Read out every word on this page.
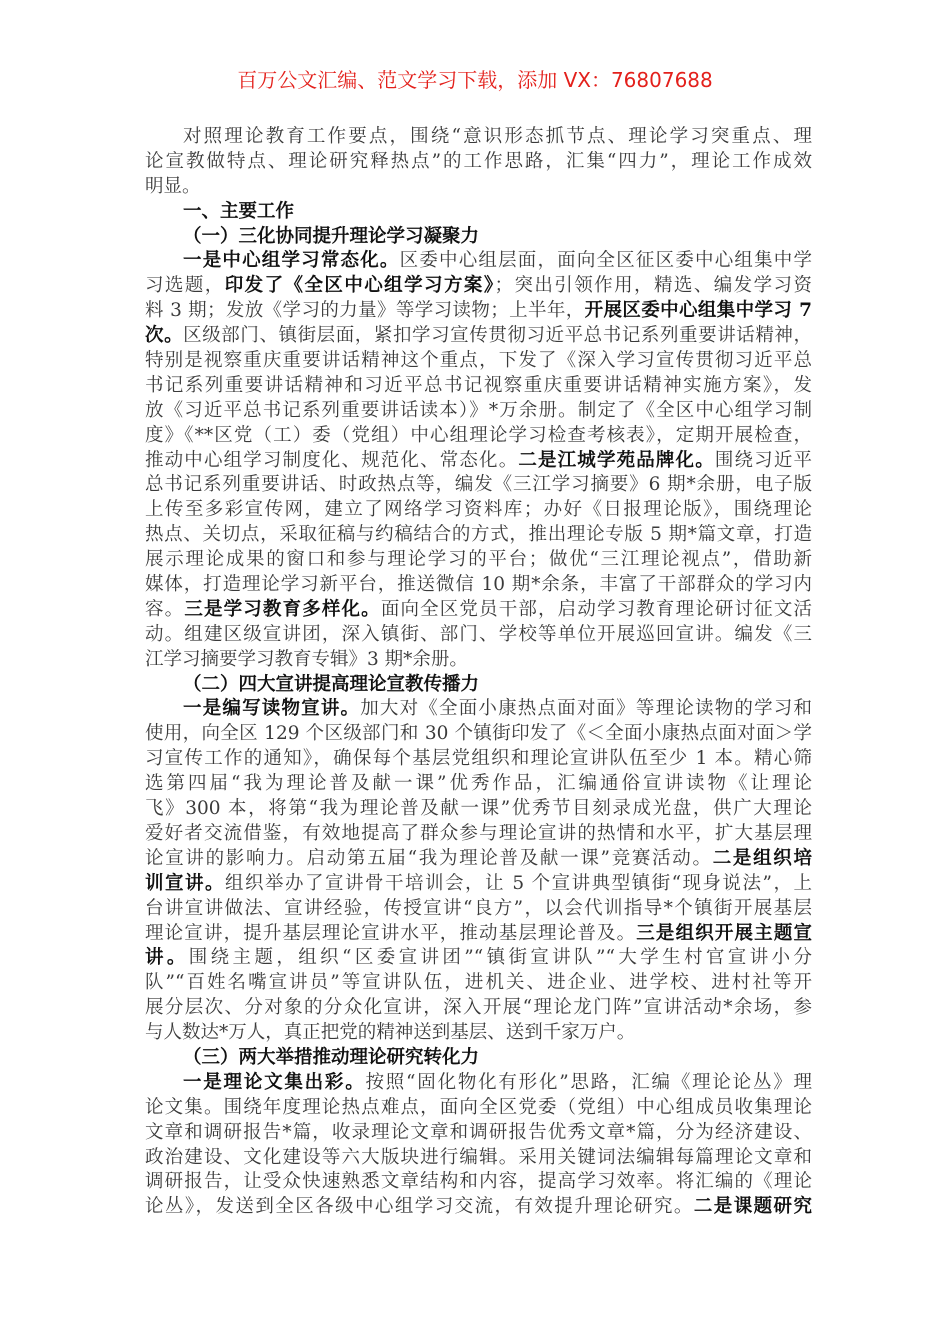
百万公文汇编、范文学习下载，添加 VX：76807688
对照理论教育工作要点，围绕“意识形态抓节点、理论学习突重点、理
论宣教做特点、理论研究释热点”的工作思路，汇集“四力”，理论工作成效
明显。
一、主要工作
（一）三化协同提升理论学习凝聚力
一是中心组学习常态化。区委中心组层面，面向全区征区委中心组集中学
习选题，印发了《全区中心组学习方案》；突出引领作用，精选、编发学习资
料 3 期；发放《学习的力量》等学习读物；上半年，开展区委中心组集中学习 7
次。区级部门、镇街层面，紧扣学习宣传贯彻习近平总书记系列重要讲话精神，
特别是视察重庆重要讲话精神这个重点，下发了《深入学习宣传贯彻习近平总
书记系列重要讲话精神和习近平总书记视察重庆重要讲话精神实施方案》，发
放《习近平总书记系列重要讲话读本）》*万余册。制定了《全区中心组学习制
度》《**区党（工）委（党组）中心组理论学习检查考核表》，定期开展检查，
推动中心组学习制度化、规范化、常态化。二是江城学苑品牌化。围绕习近平
总书记系列重要讲话、时政热点等，编发《三江学习摘要》6 期*余册，电子版
上传至多彩宣传网，建立了网络学习资料库；办好《日报理论版》，围绕理论
热点、关切点，采取征稿与约稿结合的方式，推出理论专版 5 期*篇文章，打造
展示理论成果的窗口和参与理论学习的平台；做优“三江理论视点”，借助新
媒体，打造理论学习新平台，推送微信 10 期*余条，丰富了干部群众的学习内
容。三是学习教育多样化。面向全区党员干部，启动学习教育理论研讨征文活
动。组建区级宣讲团，深入镇街、部门、学校等单位开展巡回宣讲。编发《三
江学习摘要学习教育专辑》3 期*余册。
（二）四大宣讲提高理论宣教传播力
一是编写读物宣讲。加大对《全面小康热点面对面》等理论读物的学习和
使用，向全区 129 个区级部门和 30 个镇街印发了《＜全面小康热点面对面＞学
习宣传工作的通知》，确保每个基层党组织和理论宣讲队伍至少 1 本。精心筛
选第四届“我为理论普及献一课”优秀作品，汇编通俗宣讲读物《让理论
飞》300 本，将第“我为理论普及献一课”优秀节目刻录成光盘，供广大理论
爱好者交流借鉴，有效地提高了群众参与理论宣讲的热情和水平，扩大基层理
论宣讲的影响力。启动第五届“我为理论普及献一课”竞赛活动。二是组织培
训宣讲。组织举办了宣讲骨干培训会，让 5 个宣讲典型镇街“现身说法”，上
台讲宣讲做法、宣讲经验，传授宣讲“良方”，以会代训指导*个镇街开展基层
理论宣讲，提升基层理论宣讲水平，推动基层理论普及。三是组织开展主题宣
讲。围绕主题，组织“区委宣讲团”“镇街宣讲队”“大学生村官宣讲小分
队”“百姓名嘴宣讲员”等宣讲队伍，进机关、进企业、进学校、进村社等开
展分层次、分对象的分众化宣讲，深入开展“理论龙门阵”宣讲活动*余场，参
与人数达*万人，真正把党的精神送到基层、送到千家万户。
（三）两大举措推动理论研究转化力
一是理论文集出彩。按照“固化物化有形化”思路，汇编《理论论丛》理
论文集。围绕年度理论热点难点，面向全区党委（党组）中心组成员收集理论
文章和调研报告*篇，收录理论文章和调研报告优秀文章*篇，分为经济建设、
政治建设、文化建设等六大版块进行编辑。采用关键词法编辑每篇理论文章和
调研报告，让受众快速熟悉文章结构和内容，提高学习效率。将汇编的《理论
论丛》，发送到全区各级中心组学习交流，有效提升理论研究。二是课题研究
